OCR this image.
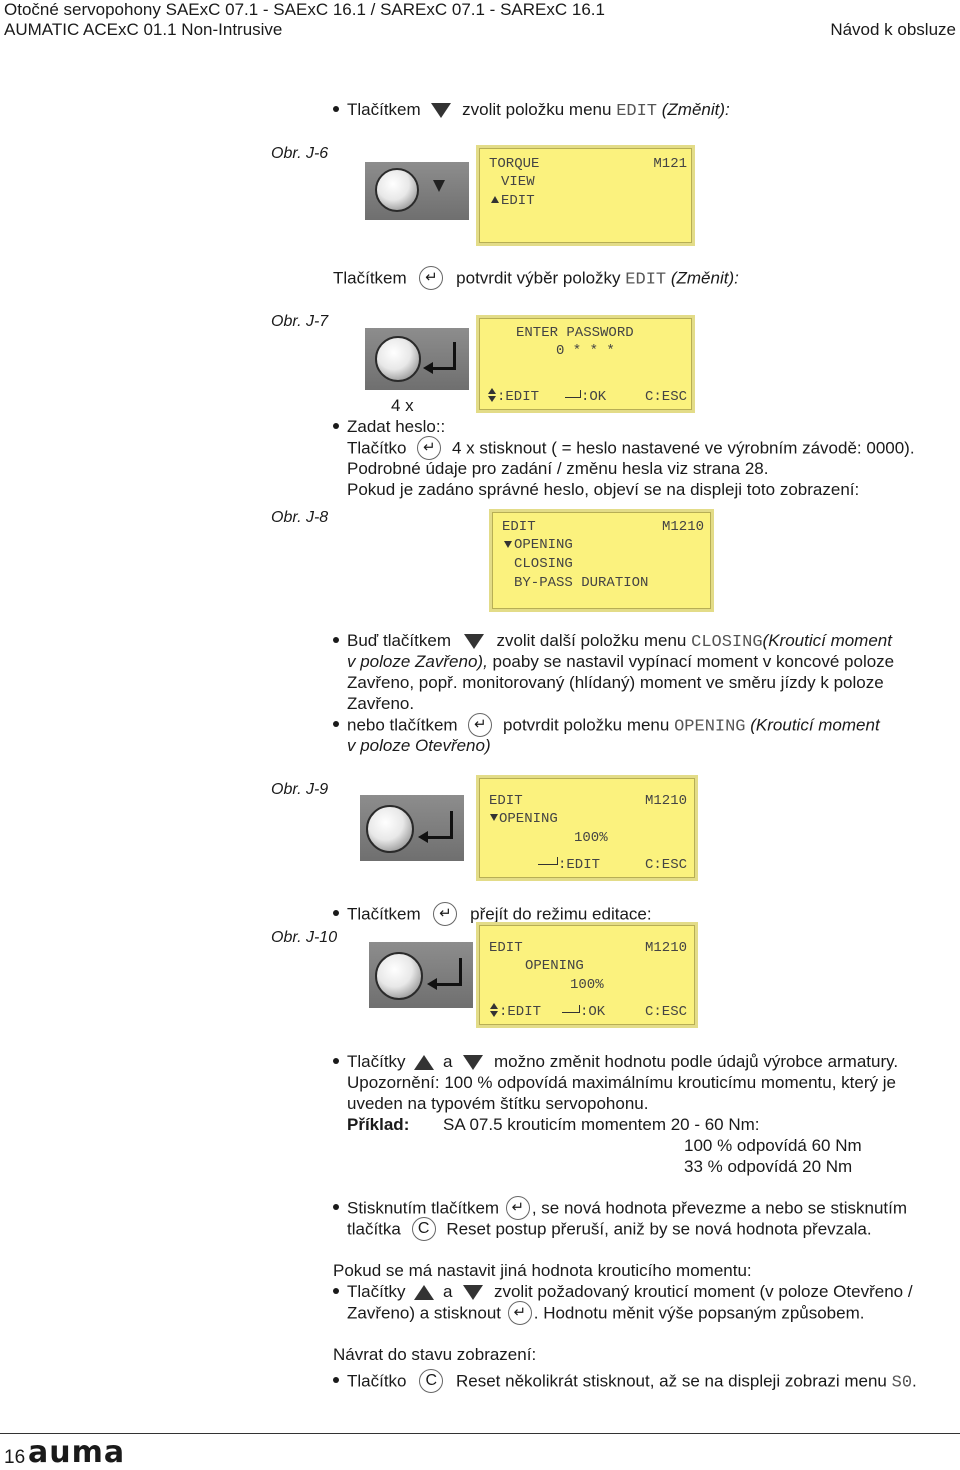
Otočné servopohony SAExC 07.1 - SAExC 16.1 / SARExC 07.1 - SARExC 16.1
AUMATIC ACExC 01.1 Non-Intrusive	Návod k obsluze
Tlačítkem zvolit položku menu EDIT (Změnit):
Obr. J-6
TORQUE	M121
VIEW
EDIT
Tlačítkem ↵ potvrdit výběr položky EDIT (Změnit):
Obr. J-7
ENTER PASSWORD
0 * * *
:EDIT	:OK	C:ESC
4 x
Zadat heslo::
Tlačítko ↵ 4 x stisknout ( = heslo nastavené ve výrobním závodě: 0000).
Podrobné údaje pro zadání / změnu hesla viz strana 28.
Pokud je zadáno správné heslo, objeví se na displeji toto zobrazení:
Obr. J-8
EDIT	M1210
OPENING
CLOSING
BY-PASS DURATION
Buď tlačítkem	zvolit další položku menu CLOSING(Krouticí moment
v poloze Zavřeno), poaby se nastavil vypínací moment v koncové poloze
Zavřeno, popř. monitorovaný (hlídaný) moment ve směru jízdy k poloze
Zavřeno.
nebo tlačítkem ↵ potvrdit položku menu OPENING (Krouticí moment
v poloze Otevřeno)
Obr. J-9
EDIT	M1210
OPENING
100%
:EDIT	C:ESC
Tlačítkem ↵ přejít do režimu editace:
Obr. J-10
EDIT	M1210
OPENING
100%
:EDIT	:OK	C:ESC
Tlačítky a možno změnit hodnotu podle údajů výrobce armatury.
Upozornění: 100 % odpovídá maximálnímu krouticímu momentu, který je
uveden na typovém štítku servopohonu.
Příklad: SA 07.5 krouticím momentem 20 - 60 Nm:
100 % odpovídá 60 Nm
33 % odpovídá 20 Nm
Stisknutím tlačítkem ↵ , se nová hodnota převezme a nebo se stisknutím
tlačítka C Reset postup přeruší, aniž by se nová hodnota převzala.
Pokud se má nastavit jiná hodnota krouticího momentu:
Tlačítky a zvolit požadovaný krouticí moment (v poloze Otevřeno /
Zavřeno) a stisknout ↵ . Hodnotu měnit výše popsaným způsobem.
Návrat do stavu zobrazení:
Tlačítko C Reset několikrát stisknout, až se na displeji zobrazi menu S0.
16 auma
